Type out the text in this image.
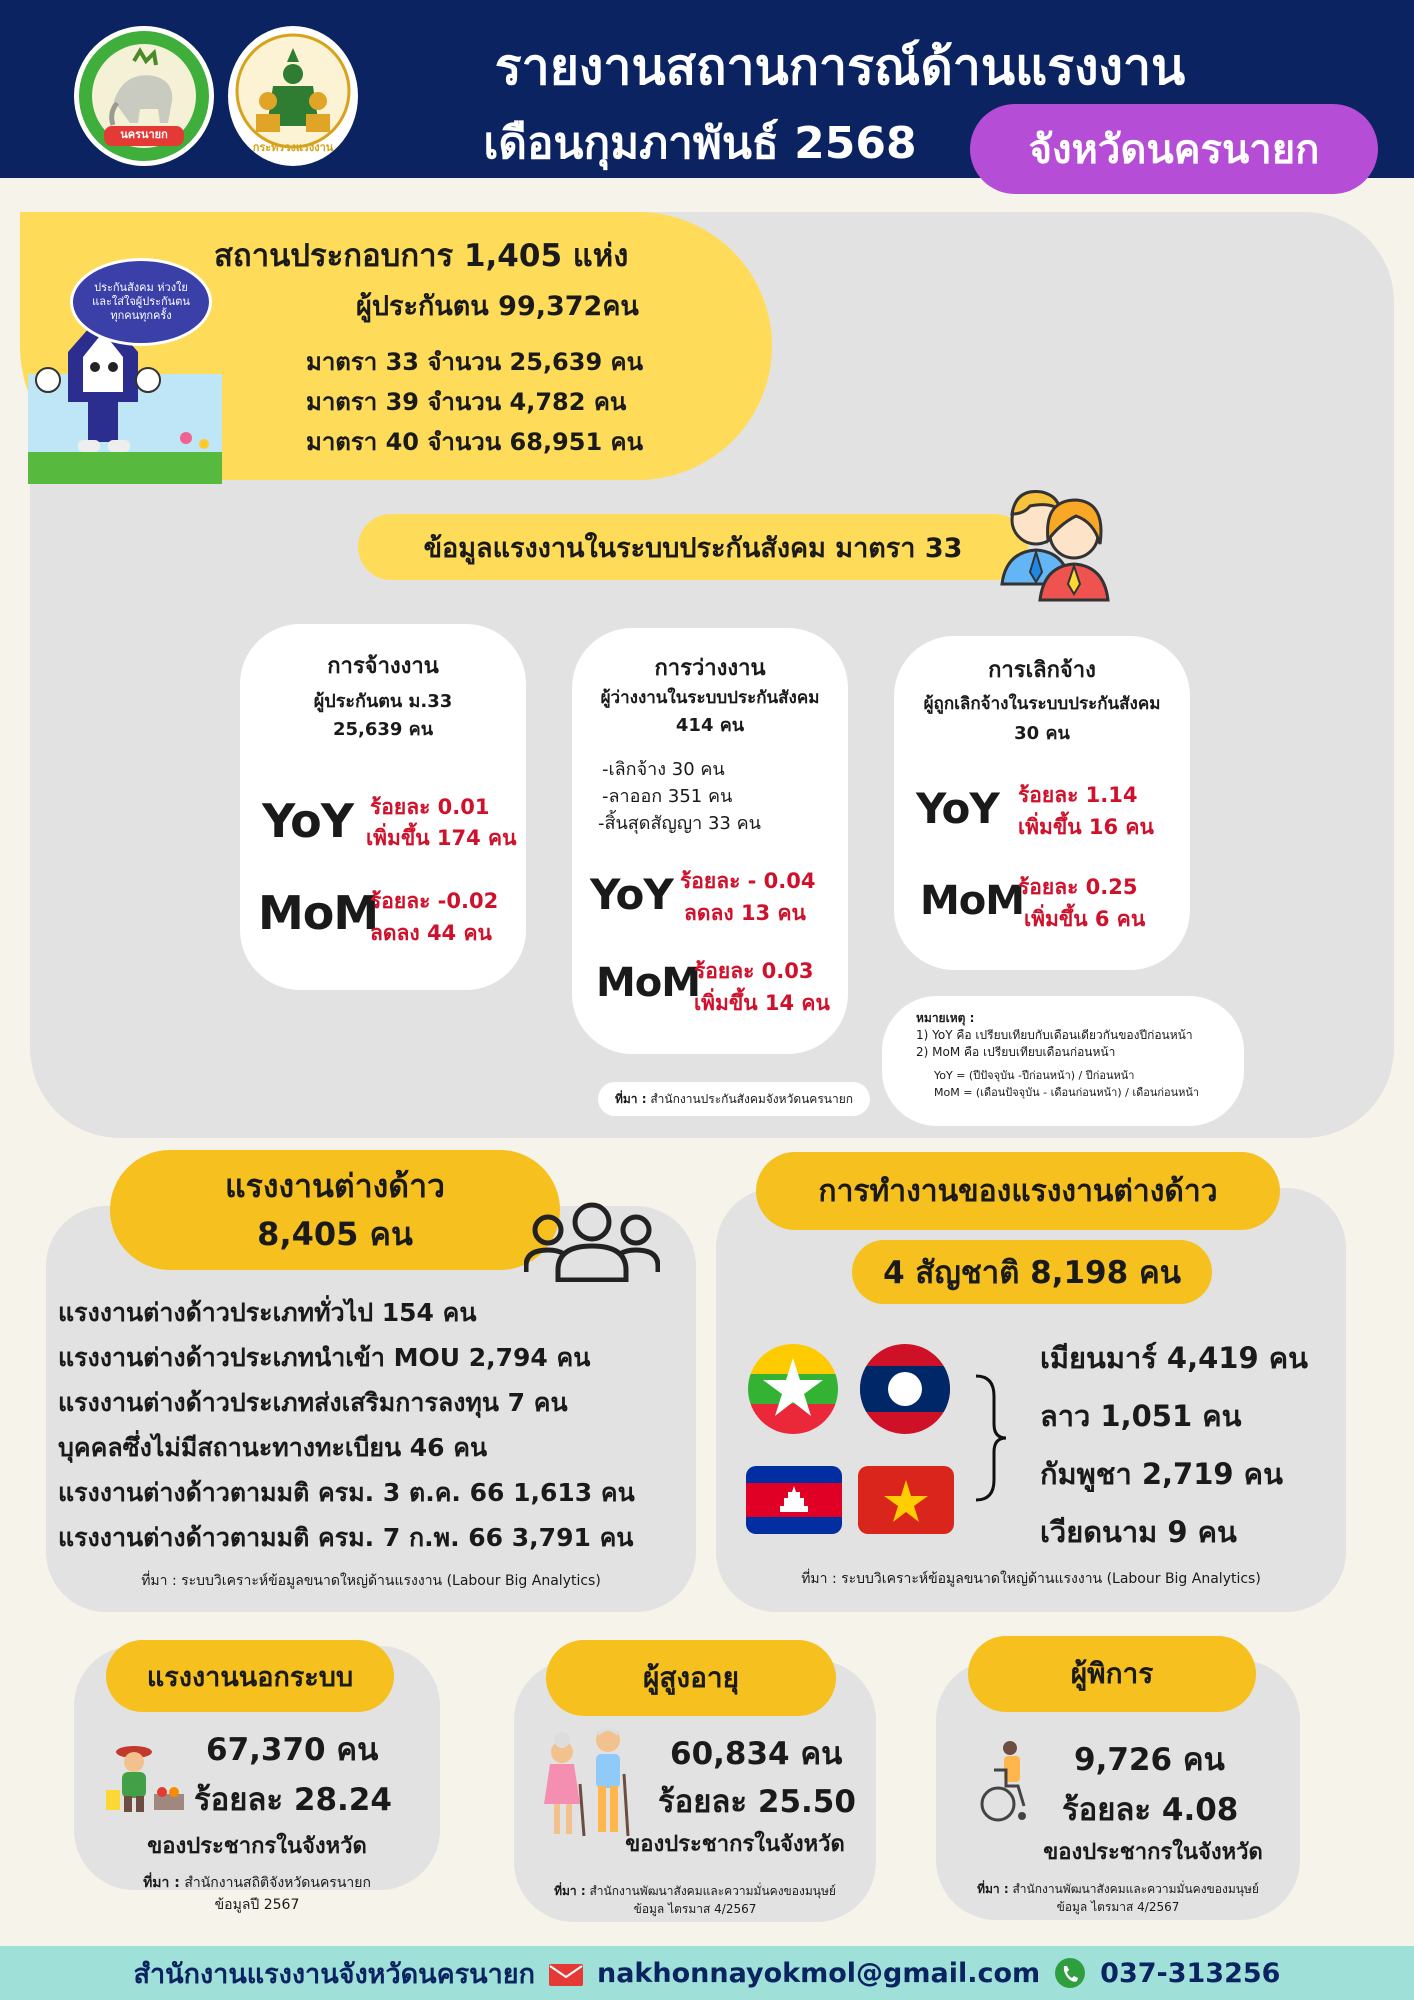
นครนายก
กระทรวงแรงงาน
รายงานสถานการณ์ด้านแรงงาน
เดือนกุมภาพันธ์ 2568	จังหวัดนครนายก
ประกันสังคม ห่วงใย และใส่ใจผู้ประกันตนทุกคนทุกครั้ง
สถานประกอบการ 1,405 แห่ง
ผู้ประกันตน 99,372คน
มาตรา 33 จำนวน 25,639 คน
มาตรา 39 จำนวน 4,782 คน
มาตรา 40 จำนวน 68,951 คน
ข้อมูลแรงงานในระบบประกันสังคม มาตรา 33
การจ้างงาน
ผู้ประกันตน ม.33
25,639 คน
YoY ร้อยละ 0.01
เพิ่มขึ้น 174 คน
MoM
ร้อยละ -0.02
ลดลง 44 คน
การว่างงาน
ผู้ว่างงานในระบบประกันสังคม
414 คน
-เลิกจ้าง 30 คน
-ลาออก 351 คน
-สิ้นสุดสัญญา 33 คน
YoY ร้อยละ - 0.04
ลดลง 13 คน
MoM
ร้อยละ 0.03
เพิ่มขึ้น 14 คน
การเลิกจ้าง
ผู้ถูกเลิกจ้างในระบบประกันสังคม
30 คน
YoY ร้อยละ 1.14
เพิ่มขึ้น 16 คน
MoM
ร้อยละ 0.25
เพิ่มขึ้น 6 คน
หมายเหตุ :
1) YoY คือ เปรียบเทียบกับเดือนเดียวกันของปีก่อนหน้า
2) MoM คือ เปรียบเทียบเดือนก่อนหน้า
YoY = (ปีปัจจุบัน -ปีก่อนหน้า) / ปีก่อนหน้า
MoM = (เดือนปัจจุบัน - เดือนก่อนหน้า) / เดือนก่อนหน้า
ที่มา :
สำนักงานประกันสังคมจังหวัดนครนายก
แรงงานต่างด้าว
8,405 คน
แรงงานต่างด้าวประเภททั่วไป 154 คน
แรงงานต่างด้าวประเภทนำเข้า MOU 2,794 คน
แรงงานต่างด้าวประเภทส่งเสริมการลงทุน 7 คน
บุคคลซึ่งไม่มีสถานะทางทะเบียน 46 คน
แรงงานต่างด้าวตามมติ ครม. 3 ต.ค. 66 1,613 คน
แรงงานต่างด้าวตามมติ ครม. 7 ก.พ. 66 3,791 คน
ที่มา : ระบบวิเคราะห์ข้อมูลขนาดใหญ่ด้านแรงงาน (Labour Big Analytics)
การทำงานของแรงงานต่างด้าว
4 สัญชาติ 8,198 คน
เมียนมาร์ 4,419 คน
ลาว 1,051 คน
กัมพูชา 2,719 คน
เวียดนาม 9 คน
ที่มา : ระบบวิเคราะห์ข้อมูลขนาดใหญ่ด้านแรงงาน (Labour Big Analytics)
แรงงานนอกระบบ
67,370 คน
ร้อยละ 28.24
ของประชากรในจังหวัด
ที่มา : สำนักงานสถิติจังหวัดนครนายก
ข้อมูลปี 2567
ผู้สูงอายุ
60,834 คน
ร้อยละ 25.50
ของประชากรในจังหวัด
ที่มา : สำนักงานพัฒนาสังคมและความมั่นคงของมนุษย์
ข้อมูล ไตรมาส 4/2567
ผู้พิการ
9,726 คน
ร้อยละ 4.08
ของประชากรในจังหวัด
ที่มา : สำนักงานพัฒนาสังคมและความมั่นคงของมนุษย์
ข้อมูล ไตรมาส 4/2567
สำนักงานแรงงานจังหวัดนครนายก nakhonnayokmol@gmail.com 037-313256
